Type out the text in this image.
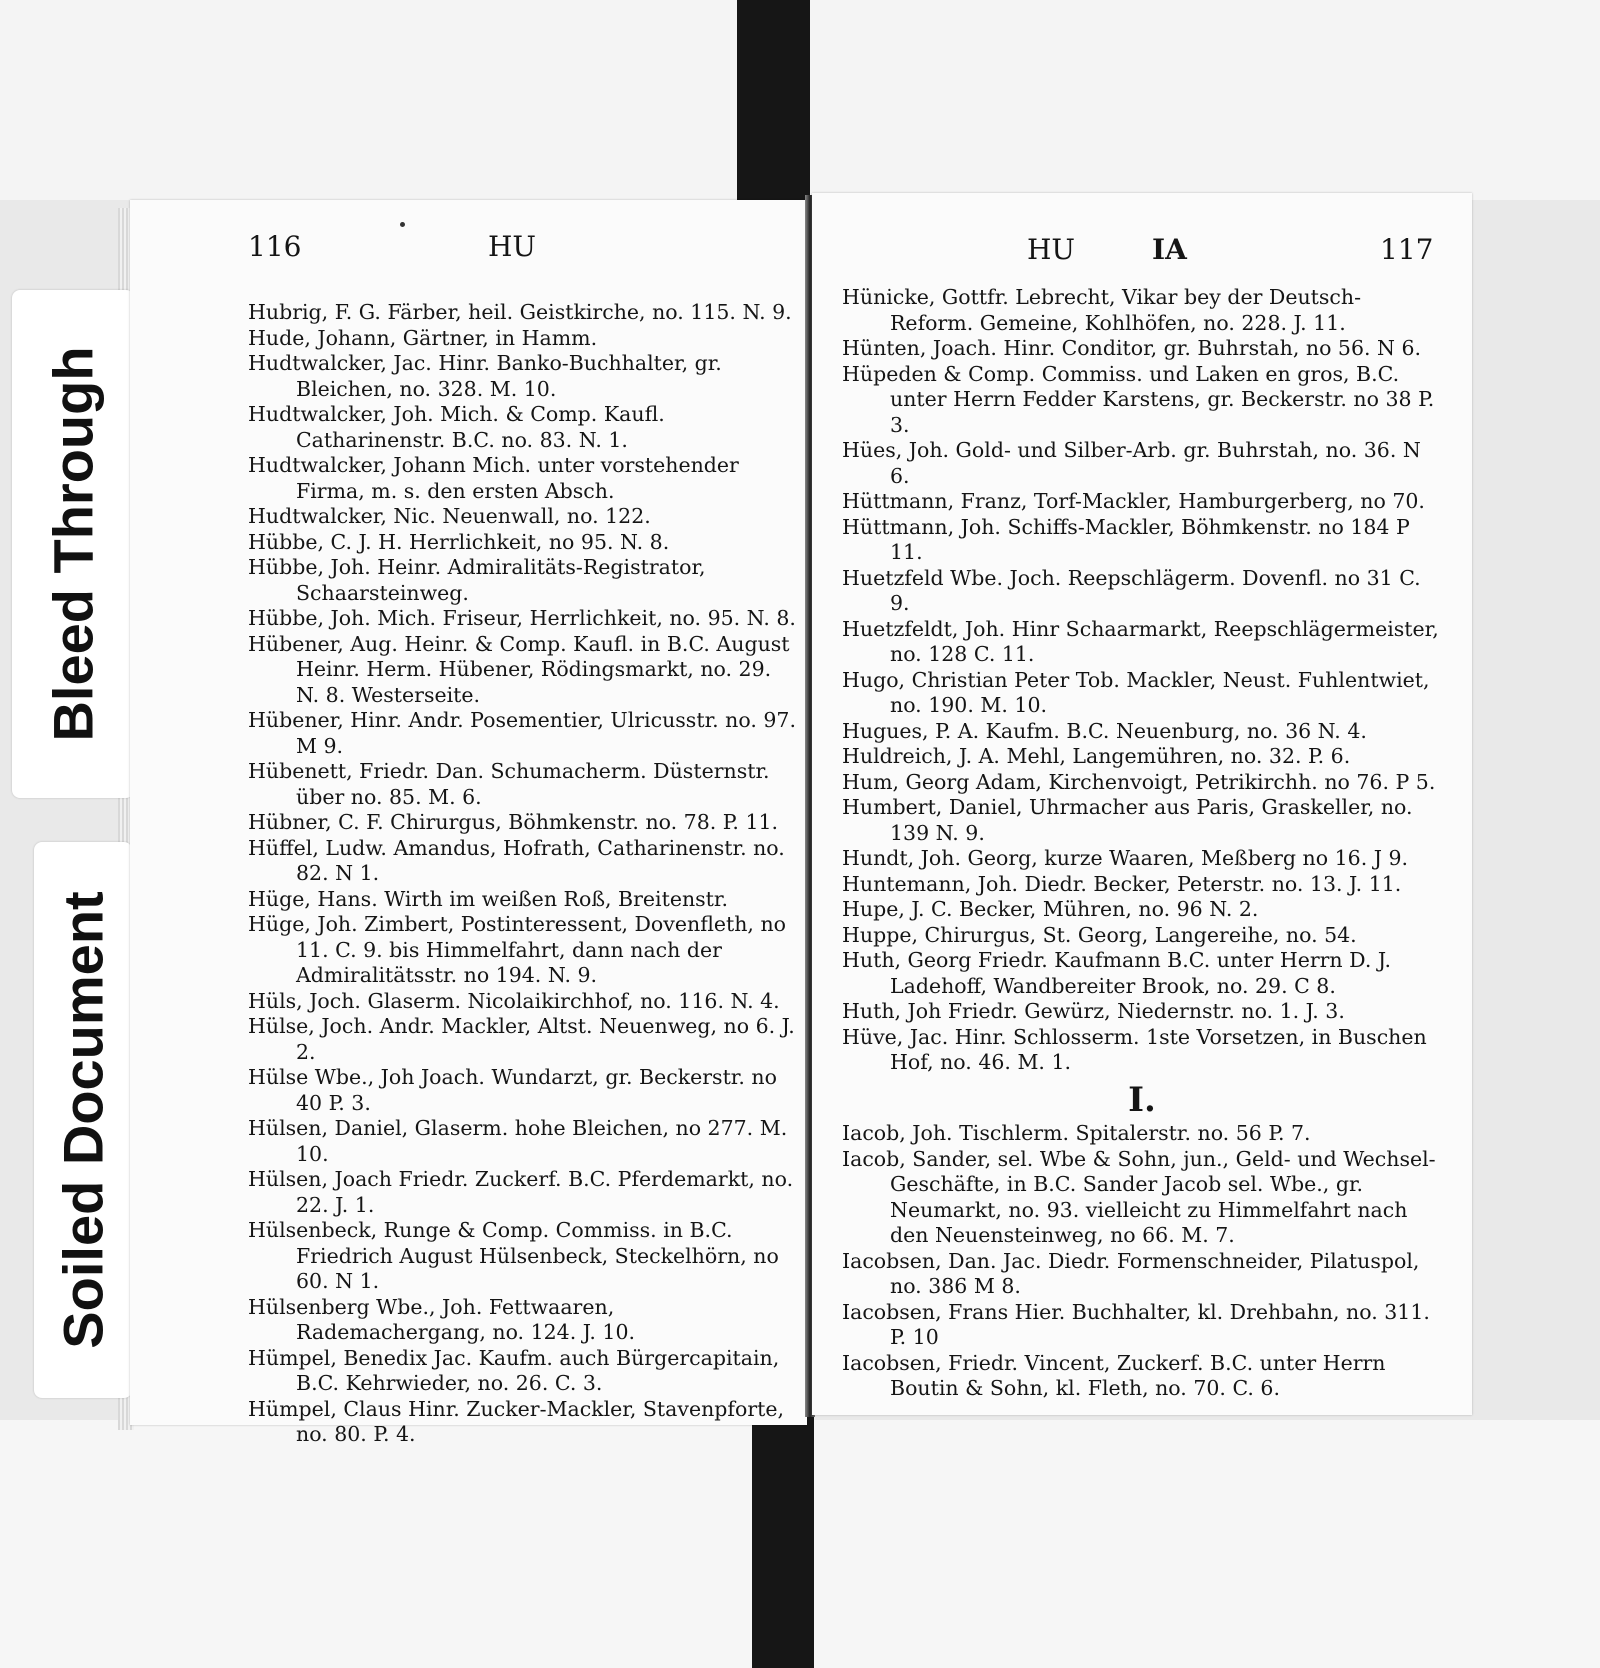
Bleed Through
Soiled Document
116	HU

Hubrig, F. G. Färber, heil. Geistkirche, no. 115. N. 9.

Hude, Johann, Gärtner, in Hamm.

Hudtwalcker, Jac. Hinr. Banko-Buchhalter, gr. Bleichen, no. 328. M. 10.

Hudtwalcker, Joh. Mich. & Comp. Kaufl. Catharinenstr. B.C. no. 83. N. 1.

Hudtwalcker, Johann Mich. unter vorstehender Firma, m. s. den ersten Absch.

Hudtwalcker, Nic. Neuenwall, no. 122.

Hübbe, C. J. H. Herrlichkeit, no 95. N. 8.

Hübbe, Joh. Heinr. Admiralitäts-Registrator, Schaarsteinweg.

Hübbe, Joh. Mich. Friseur, Herrlichkeit, no. 95. N. 8.

Hübener, Aug. Heinr. & Comp. Kaufl. in B.C. August Heinr. Herm. Hübener, Rödingsmarkt, no. 29. N. 8. Westerseite.

Hübener, Hinr. Andr. Posementier, Ulricusstr. no. 97. M 9.

Hübenett, Friedr. Dan. Schumacherm. Düsternstr. über no. 85. M. 6.

Hübner, C. F. Chirurgus, Böhmkenstr. no. 78. P. 11.

Hüffel, Ludw. Amandus, Hofrath, Catharinenstr. no. 82. N 1.

Hüge, Hans. Wirth im weißen Roß, Breitenstr.

Hüge, Joh. Zimbert, Postinteressent, Dovenfleth, no 11. C. 9. bis Himmelfahrt, dann nach der Admiralitätsstr. no 194. N. 9.

Hüls, Joch. Glaserm. Nicolaikirchhof, no. 116. N. 4.

Hülse, Joch. Andr. Mackler, Altst. Neuenweg, no 6. J. 2.

Hülse Wbe., Joh Joach. Wundarzt, gr. Beckerstr. no 40 P. 3.

Hülsen, Daniel, Glaserm. hohe Bleichen, no 277. M. 10.

Hülsen, Joach Friedr. Zuckerf. B.C. Pferdemarkt, no. 22. J. 1.

Hülsenbeck, Runge & Comp. Commiss. in B.C. Friedrich August Hülsenbeck, Steckelhörn, no 60. N 1.

Hülsenberg Wbe., Joh. Fettwaaren, Rademachergang, no. 124. J. 10.

Hümpel, Benedix Jac. Kaufm. auch Bürgercapitain, B.C. Kehrwieder, no. 26. C. 3.

Hümpel, Claus Hinr. Zucker-Mackler, Stavenpforte, no. 80. P. 4.

HU	IA	117

Hünicke, Gottfr. Lebrecht, Vikar bey der Deutsch-Reform. Gemeine, Kohlhöfen, no. 228. J. 11.

Hünten, Joach. Hinr. Conditor, gr. Buhrstah, no 56. N 6.

Hüpeden & Comp. Commiss. und Laken en gros, B.C. unter Herrn Fedder Karstens, gr. Beckerstr. no 38 P. 3.

Hües, Joh. Gold- und Silber-Arb. gr. Buhrstah, no. 36. N 6.

Hüttmann, Franz, Torf-Mackler, Hamburgerberg, no 70.

Hüttmann, Joh. Schiffs-Mackler, Böhmkenstr. no 184 P 11.

Huetzfeld Wbe. Joch. Reepschlägerm. Dovenfl. no 31 C. 9.

Huetzfeldt, Joh. Hinr Schaarmarkt, Reepschlägermeister, no. 128 C. 11.

Hugo, Christian Peter Tob. Mackler, Neust. Fuhlentwiet, no. 190. M. 10.

Hugues, P. A. Kaufm. B.C. Neuenburg, no. 36 N. 4.

Huldreich, J. A. Mehl, Langemühren, no. 32. P. 6.

Hum, Georg Adam, Kirchenvoigt, Petrikirchh. no 76. P 5.

Humbert, Daniel, Uhrmacher aus Paris, Graskeller, no. 139 N. 9.

Hundt, Joh. Georg, kurze Waaren, Meßberg no 16. J 9.

Huntemann, Joh. Diedr. Becker, Peterstr. no. 13. J. 11.

Hupe, J. C. Becker, Mühren, no. 96 N. 2.

Huppe, Chirurgus, St. Georg, Langereihe, no. 54.

Huth, Georg Friedr. Kaufmann B.C. unter Herrn D. J. Ladehoff, Wandbereiter Brook, no. 29. C 8.

Huth, Joh Friedr. Gewürz, Niedernstr. no. 1. J. 3.

Hüve, Jac. Hinr. Schlosserm. 1ste Vorsetzen, in Buschen Hof, no. 46. M. 1.

I.

Iacob, Joh. Tischlerm. Spitalerstr. no. 56 P. 7.

Iacob, Sander, sel. Wbe & Sohn, jun., Geld- und Wechsel-Geschäfte, in B.C. Sander Jacob sel. Wbe., gr. Neumarkt, no. 93. vielleicht zu Himmelfahrt nach den Neuensteinweg, no 66. M. 7.

Iacobsen, Dan. Jac. Diedr. Formenschneider, Pilatuspol, no. 386 M 8.

Iacobsen, Frans Hier. Buchhalter, kl. Drehbahn, no. 311. P. 10

Iacobsen, Friedr. Vincent, Zuckerf. B.C. unter Herrn Boutin & Sohn, kl. Fleth, no. 70. C. 6.
